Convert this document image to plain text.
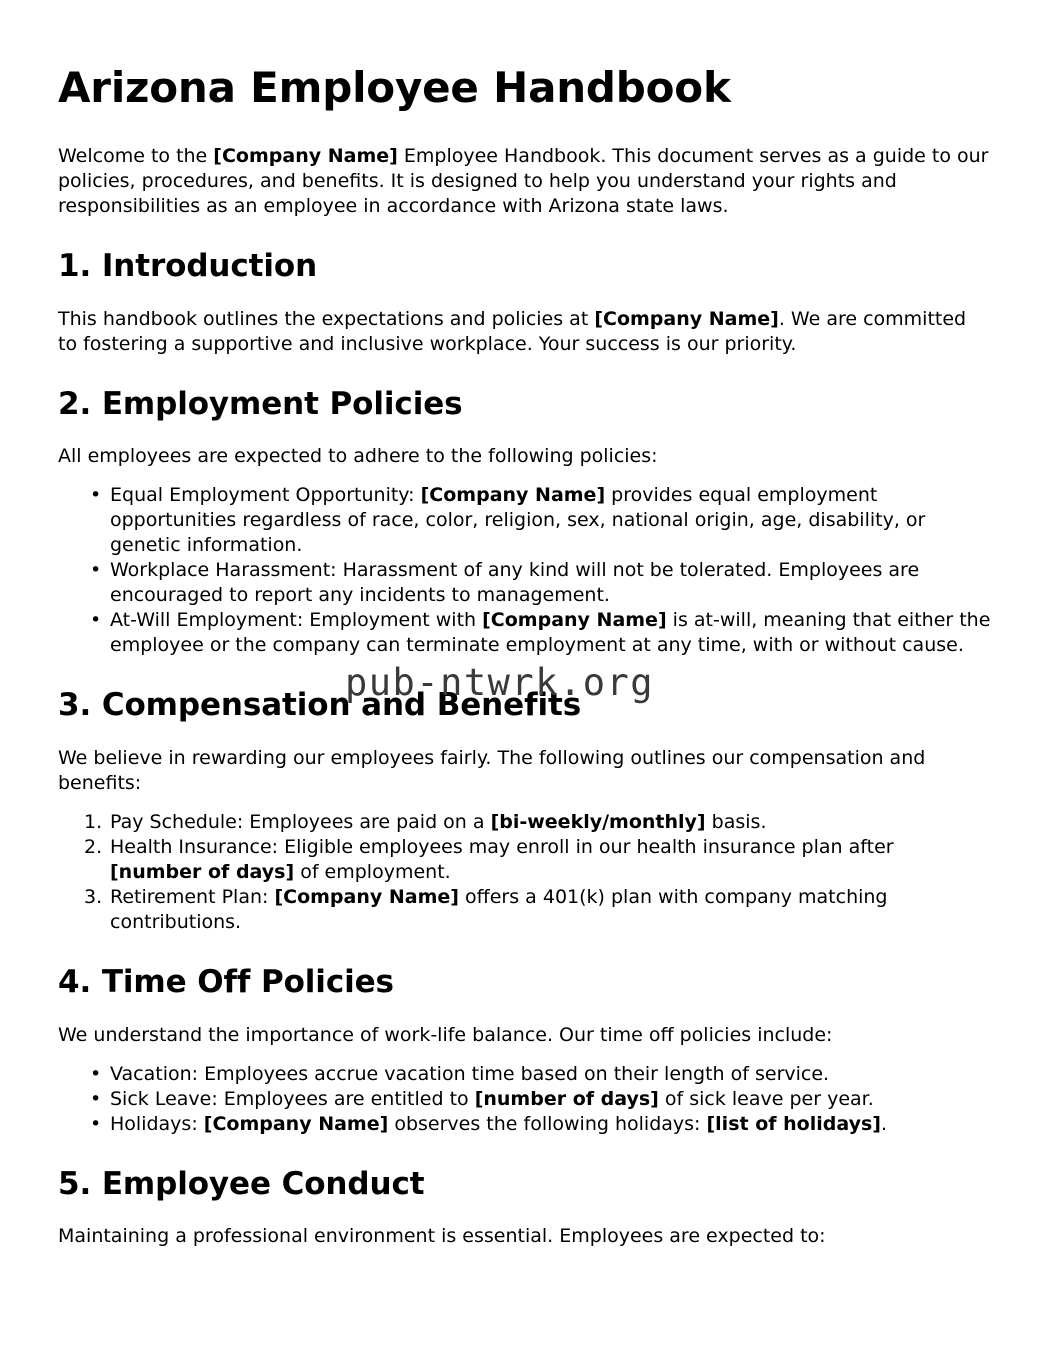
Arizona Employee Handbook

Welcome to the [Company Name] Employee Handbook. This document serves as a guide to our policies, procedures, and benefits. It is designed to help you understand your rights and responsibilities as an employee in accordance with Arizona state laws.

1. Introduction

This handbook outlines the expectations and policies at [Company Name]. We are committed to fostering a supportive and inclusive workplace. Your success is our priority.

2. Employment Policies

All employees are expected to adhere to the following policies:

• Equal Employment Opportunity: [Company Name] provides equal employment opportunities regardless of race, color, religion, sex, national origin, age, disability, or genetic information.
• Workplace Harassment: Harassment of any kind will not be tolerated. Employees are encouraged to report any incidents to management.
• At-Will Employment: Employment with [Company Name] is at-will, meaning that either the employee or the company can terminate employment at any time, with or without cause.
3. Compensation and Benefits

We believe in rewarding our employees fairly. The following outlines our compensation and benefits:

Pay Schedule: Employees are paid on a [bi-weekly/monthly] basis.
Health Insurance: Eligible employees may enroll in our health insurance plan after [number of days] of employment.
Retirement Plan: [Company Name] offers a 401(k) plan with company matching contributions.
4. Time Off Policies

We understand the importance of work-life balance. Our time off policies include:

• Vacation: Employees accrue vacation time based on their length of service.
• Sick Leave: Employees are entitled to [number of days] of sick leave per year.
• Holidays: [Company Name] observes the following holidays: [list of holidays].
5. Employee Conduct

Maintaining a professional environment is essential. Employees are expected to:

pub-ntwrk.org
